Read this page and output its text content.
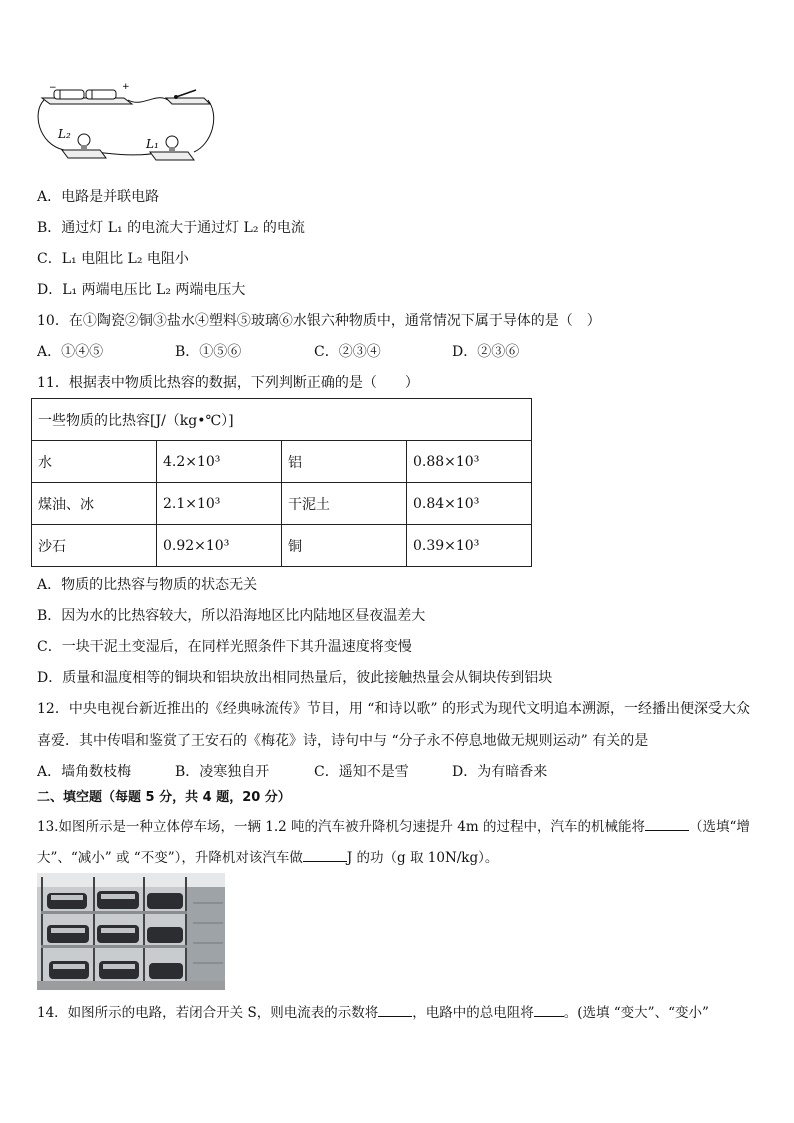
−	+
L₂
L₁
A．电路是并联电路
B．通过灯 L₁ 的电流大于通过灯 L₂ 的电流
C．L₁ 电阻比 L₂ 电阻小
D．L₁ 两端电压比 L₂ 两端电压大
10．在①陶瓷②铜③盐水④塑料⑤玻璃⑥水银六种物质中，通常情况下属于导体的是（　）
A．①④⑤	B．①⑤⑥	C．②③④	D．②③⑥
11．根据表中物质比热容的数据，下列判断正确的是（　　）
一些物质的比热容[J/（kg•℃）]			
水	4.2×10³	铝	0.88×10³
煤油、冰	2.1×10³	干泥土	0.84×10³
沙石	0.92×10³	铜	0.39×10³
A．物质的比热容与物质的状态无关
B．因为水的比热容较大，所以沿海地区比内陆地区昼夜温差大
C．一块干泥土变湿后，在同样光照条件下其升温速度将变慢
D．质量和温度相等的铜块和铝块放出相同热量后，彼此接触热量会从铜块传到铝块
12．中央电视台新近推出的《经典咏流传》节目，用 “和诗以歌” 的形式为现代文明追本溯源，一经播出便深受大众
喜爱．其中传唱和鉴赏了王安石的《梅花》诗，诗句中与 “分子永不停息地做无规则运动” 有关的是
A．墙角数枝梅	B．凌寒独自开	C．遥知不是雪	D．为有暗香来
二、填空题（每题 5 分，共 4 题，20 分）
13.如图所示是一种立体停车场，一辆 1.2 吨的汽车被升降机匀速提升 4m 的过程中，汽车的机械能将	（选填“增
大”、“减小” 或 “不变”），升降机对该汽车做	J 的功（g 取 10N/kg）。
14．如图所示的电路，若闭合开关 S，则电流表的示数将	，电路中的总电阻将 。(选填 “变大”、“变小”
